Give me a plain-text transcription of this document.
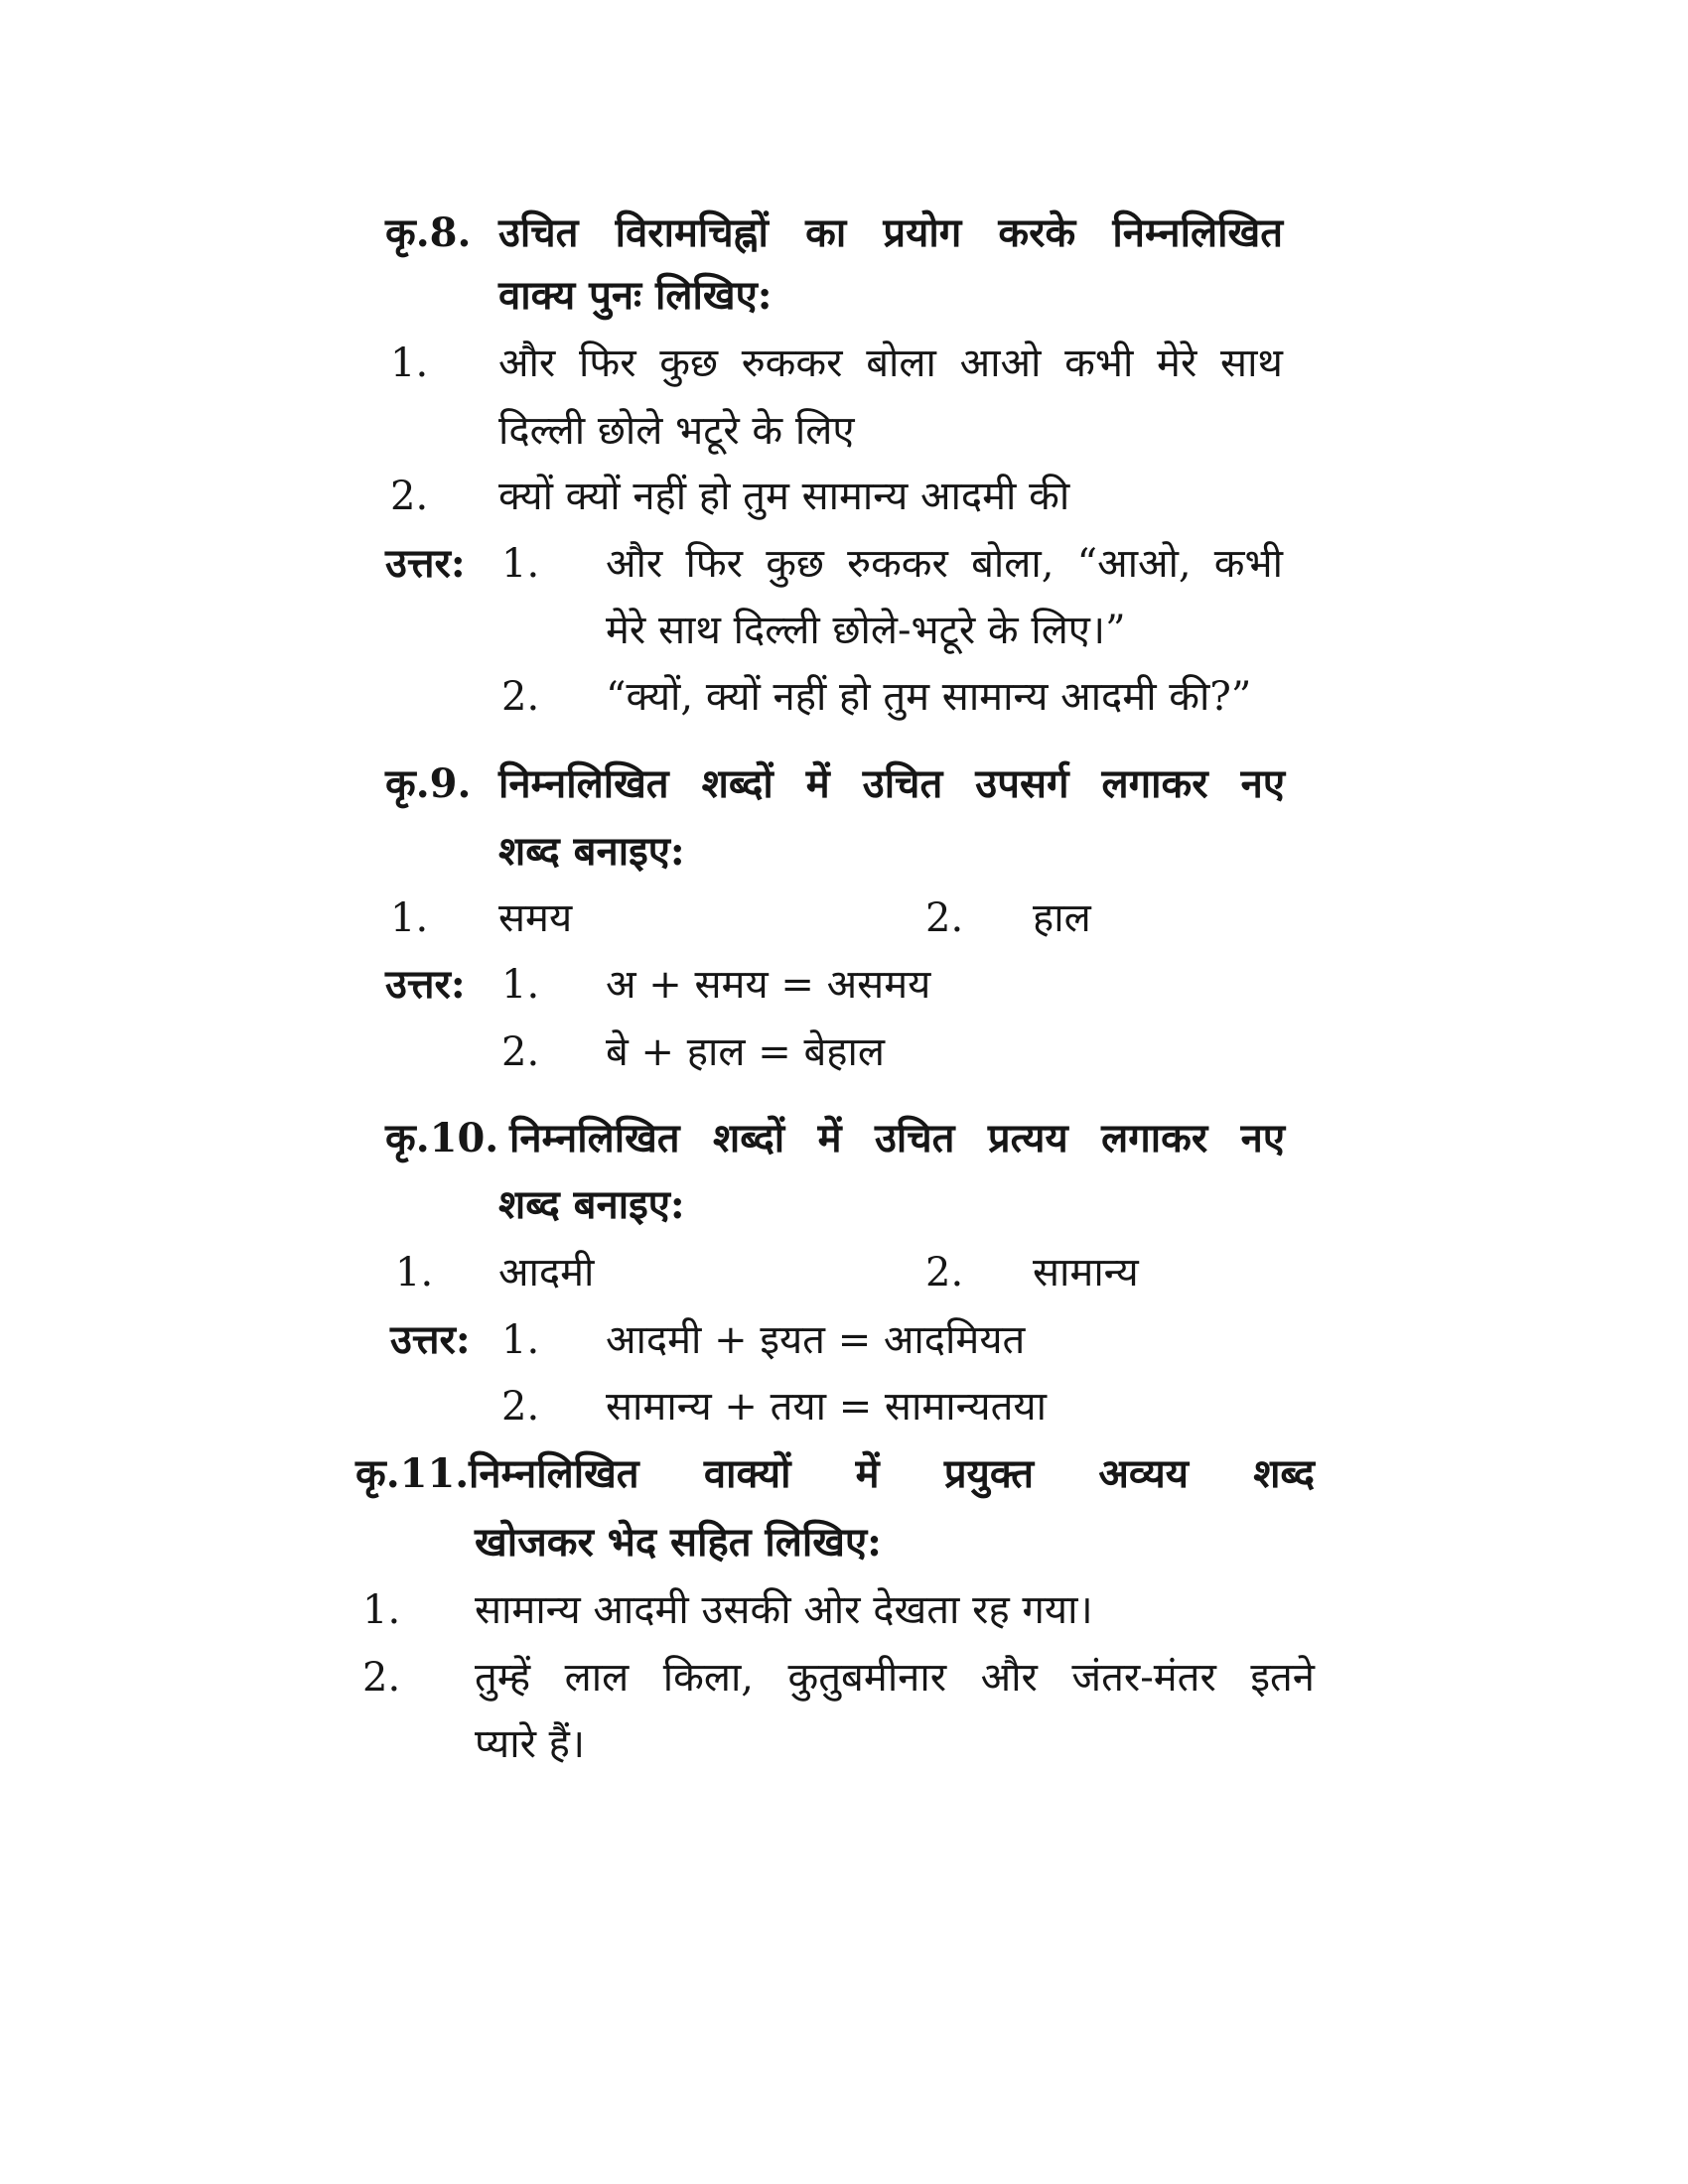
कृ.8. उचित विरामचिह्नों का प्रयोग करके निम्नलिखित
वाक्य पुनः लिखिए:
1. और फिर कुछ रुककर बोला आओ कभी मेरे साथ
दिल्ली छोले भटूरे के लिए
2. क्यों क्यों नहीं हो तुम सामान्य आदमी की
उत्तर: 1. और फिर कुछ रुककर बोला, “आओ, कभी
मेरे साथ दिल्ली छोले-भटूरे के लिए।”
2. “क्यों, क्यों नहीं हो तुम सामान्य आदमी की?”
कृ.9. निम्नलिखित शब्दों में उचित उपसर्ग लगाकर नए
शब्द बनाइए:
1. समय	2. हाल
उत्तर: 1. अ + समय = असमय
2. बे + हाल = बेहाल
कृ.10. निम्नलिखित शब्दों में उचित प्रत्यय लगाकर नए
शब्द बनाइए:
1. आदमी	2. सामान्य
उत्तर: 1. आदमी + इयत = आदमियत
2. सामान्य + तया = सामान्यतया
कृ.11. निम्नलिखित वाक्यों में प्रयुक्त अव्यय शब्द
खोजकर भेद सहित लिखिए:
1. सामान्य आदमी उसकी ओर देखता रह गया।
2. तुम्हें लाल किला, कुतुबमीनार और जंतर-मंतर इतने
प्यारे हैं।
